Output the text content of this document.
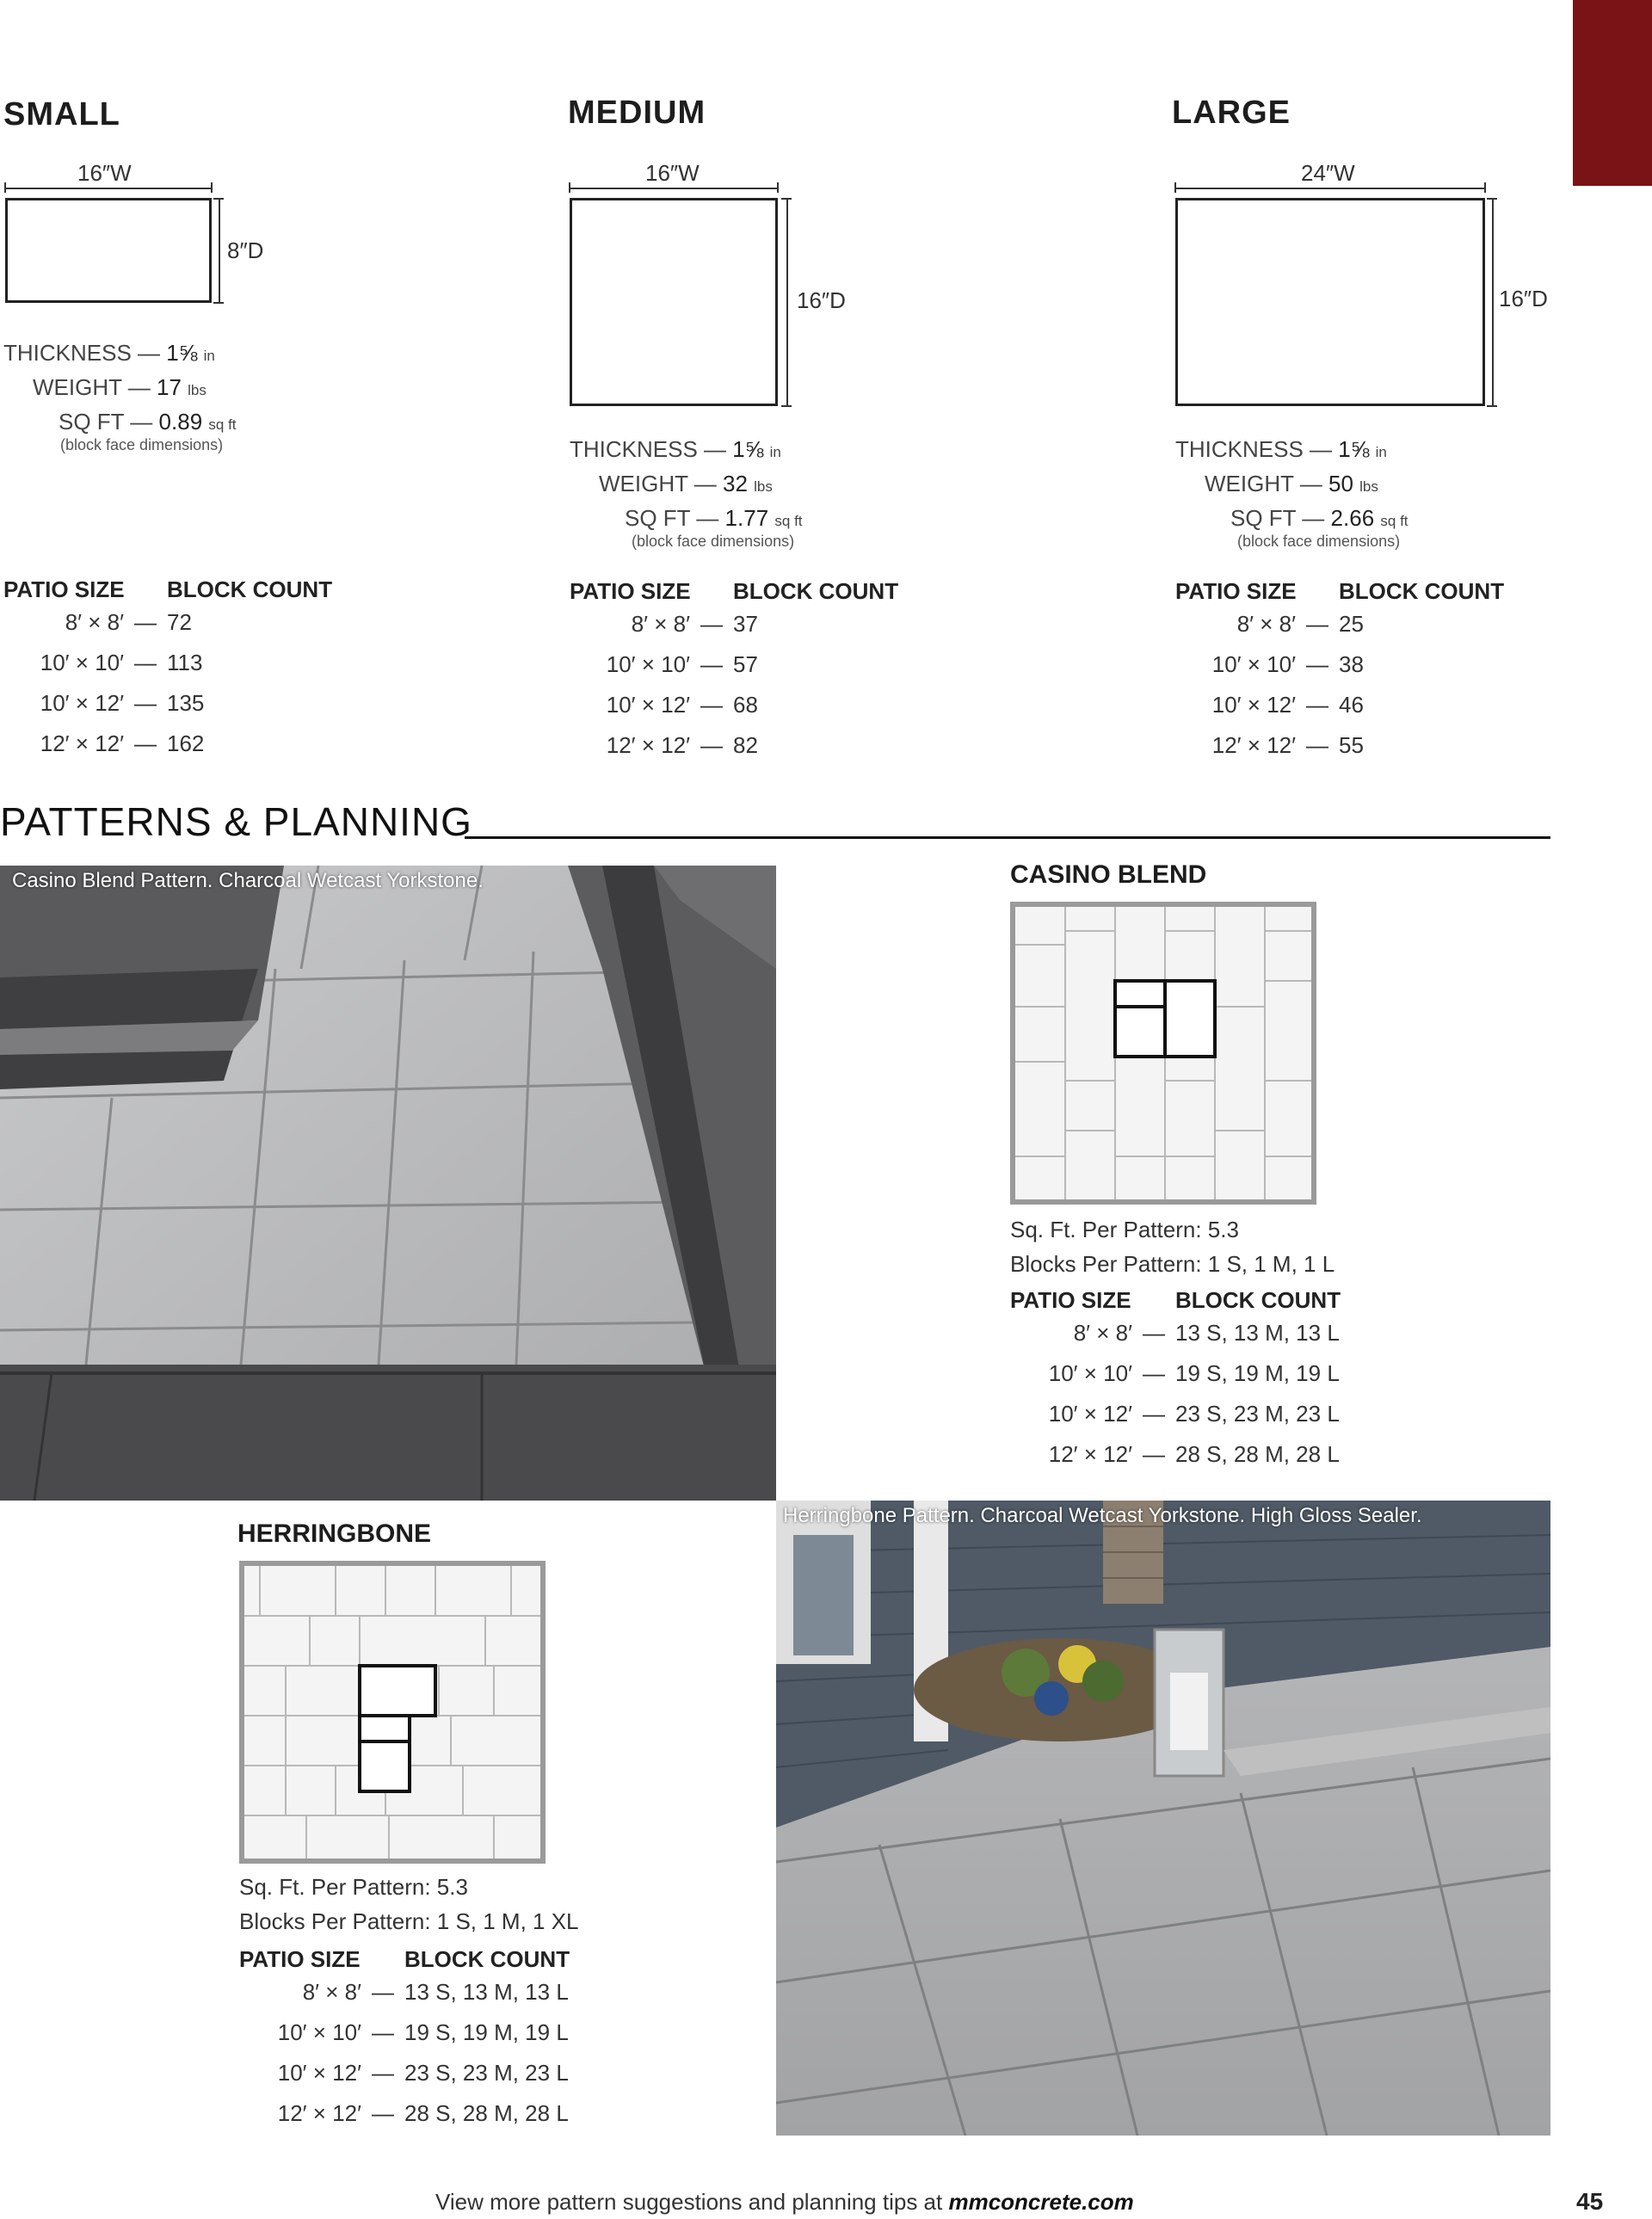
SMALL
16″W
8″D
THICKNESS — 1⅝ in
WEIGHT — 17 lbs
SQ FT — 0.89 sq ft
(block face dimensions)
PATIO SIZE BLOCK COUNT
8′ × 8′ — 72
10′ × 10′ — 113
10′ × 12′ — 135
12′ × 12′ — 162
MEDIUM
16″W
16″D
THICKNESS — 1⅝ in
WEIGHT — 32 lbs
SQ FT — 1.77 sq ft
(block face dimensions)
PATIO SIZE BLOCK COUNT
8′ × 8′ — 37
10′ × 10′ — 57
10′ × 12′ — 68
12′ × 12′ — 82
LARGE
24″W
16″D
THICKNESS — 1⅝ in
WEIGHT — 50 lbs
SQ FT — 2.66 sq ft
(block face dimensions)
PATIO SIZE BLOCK COUNT
8′ × 8′ — 25
10′ × 10′ — 38
10′ × 12′ — 46
12′ × 12′ — 55
PATTERNS & PLANNING
Casino Blend Pattern. Charcoal Wetcast Yorkstone.	CASINO BLEND
Sq. Ft. Per Pattern: 5.3
Blocks Per Pattern: 1 S, 1 M, 1 L
PATIO SIZE BLOCK COUNT
8′ × 8′ — 13 S, 13 M, 13 L
10′ × 10′ — 19 S, 19 M, 19 L
10′ × 12′ — 23 S, 23 M, 23 L
12′ × 12′ — 28 S, 28 M, 28 L
HERRINGBONE
Sq. Ft. Per Pattern: 5.3
Blocks Per Pattern: 1 S, 1 M, 1 XL
PATIO SIZE BLOCK COUNT
8′ × 8′ — 13 S, 13 M, 13 L
10′ × 10′ — 19 S, 19 M, 19 L
10′ × 12′ — 23 S, 23 M, 23 L
12′ × 12′ — 28 S, 28 M, 28 L
Herringbone Pattern. Charcoal Wetcast Yorkstone. High Gloss Sealer.
View more pattern suggestions and planning tips at mmconcrete.com	45
